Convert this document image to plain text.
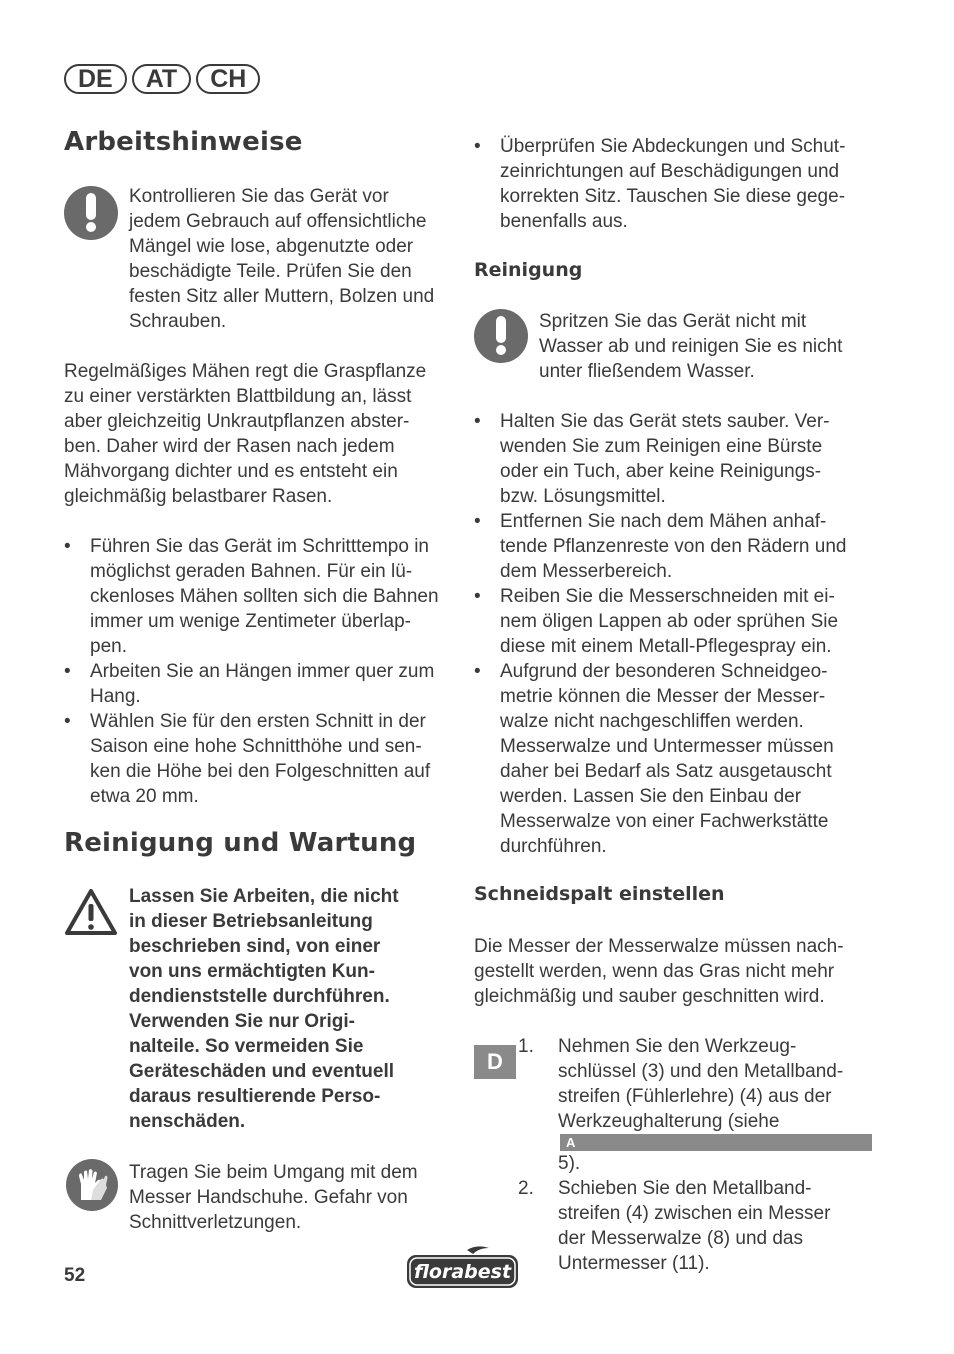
DE	AT	CH
Arbeitshinweise
Kontrollieren Sie das Gerät vor
jedem Gebrauch auf offensichtliche
Mängel wie lose, abgenutzte oder
beschädigte Teile. Prüfen Sie den
festen Sitz aller Muttern, Bolzen und
Schrauben.
Regelmäßiges Mähen regt die Graspflanze
zu einer verstärkten Blattbildung an, lässt
aber gleichzeitig Unkrautpflanzen abster-
ben. Daher wird der Rasen nach jedem
Mähvorgang dichter und es entsteht ein
gleichmäßig belastbarer Rasen.
• Führen Sie das Gerät im Schritttempo in
möglichst geraden Bahnen. Für ein lü-
ckenloses Mähen sollten sich die Bahnen
immer um wenige Zentimeter überlap-
pen.
• Arbeiten Sie an Hängen immer quer zum
Hang.
• Wählen Sie für den ersten Schnitt in der
Saison eine hohe Schnitthöhe und sen-
ken die Höhe bei den Folgeschnitten auf
etwa 20 mm.
Reinigung und Wartung
Lassen Sie Arbeiten, die nicht
in dieser Betriebsanleitung
beschrieben sind, von einer
von uns ermächtigten Kun-
dendienststelle durchführen.
Verwenden Sie nur Origi-
nalteile. So vermeiden Sie
Geräteschäden und eventuell
daraus resultierende Perso-
nenschäden.
Tragen Sie beim Umgang mit dem
Messer Handschuhe. Gefahr von
Schnittverletzungen.
• Überprüfen Sie Abdeckungen und Schut-
zeinrichtungen auf Beschädigungen und
korrekten Sitz. Tauschen Sie diese gege-
benenfalls aus.
Reinigung
Spritzen Sie das Gerät nicht mit
Wasser ab und reinigen Sie es nicht
unter fließendem Wasser.
• Halten Sie das Gerät stets sauber. Ver-
wenden Sie zum Reinigen eine Bürste
oder ein Tuch, aber keine Reinigungs-
bzw. Lösungsmittel.
• Entfernen Sie nach dem Mähen anhaf-
tende Pflanzenreste von den Rädern und
dem Messerbereich.
• Reiben Sie die Messerschneiden mit ei-
nem öligen Lappen ab oder sprühen Sie
diese mit einem Metall-Pflegespray ein.
• Aufgrund der besonderen Schneidgeo-
metrie können die Messer der Messer-
walze nicht nachgeschliffen werden.
Messerwalze und Untermesser müssen
daher bei Bedarf als Satz ausgetauscht
werden. Lassen Sie den Einbau der
Messerwalze von einer Fachwerkstätte
durchführen.
Schneidspalt einstellen
Die Messer der Messerwalze müssen nach-
gestellt werden, wenn das Gras nicht mehr
gleichmäßig und sauber geschnitten wird.
D
1. Nehmen Sie den Werkzeug-
schlüssel (3) und den Metallband-
streifen (Fühlerlehre) (4) aus der
Werkzeughalterung (siehe
A
5).
2. Schieben Sie den Metallband-
streifen (4) zwischen ein Messer
der Messerwalze (8) und das
Untermesser (11).
52	florabest
